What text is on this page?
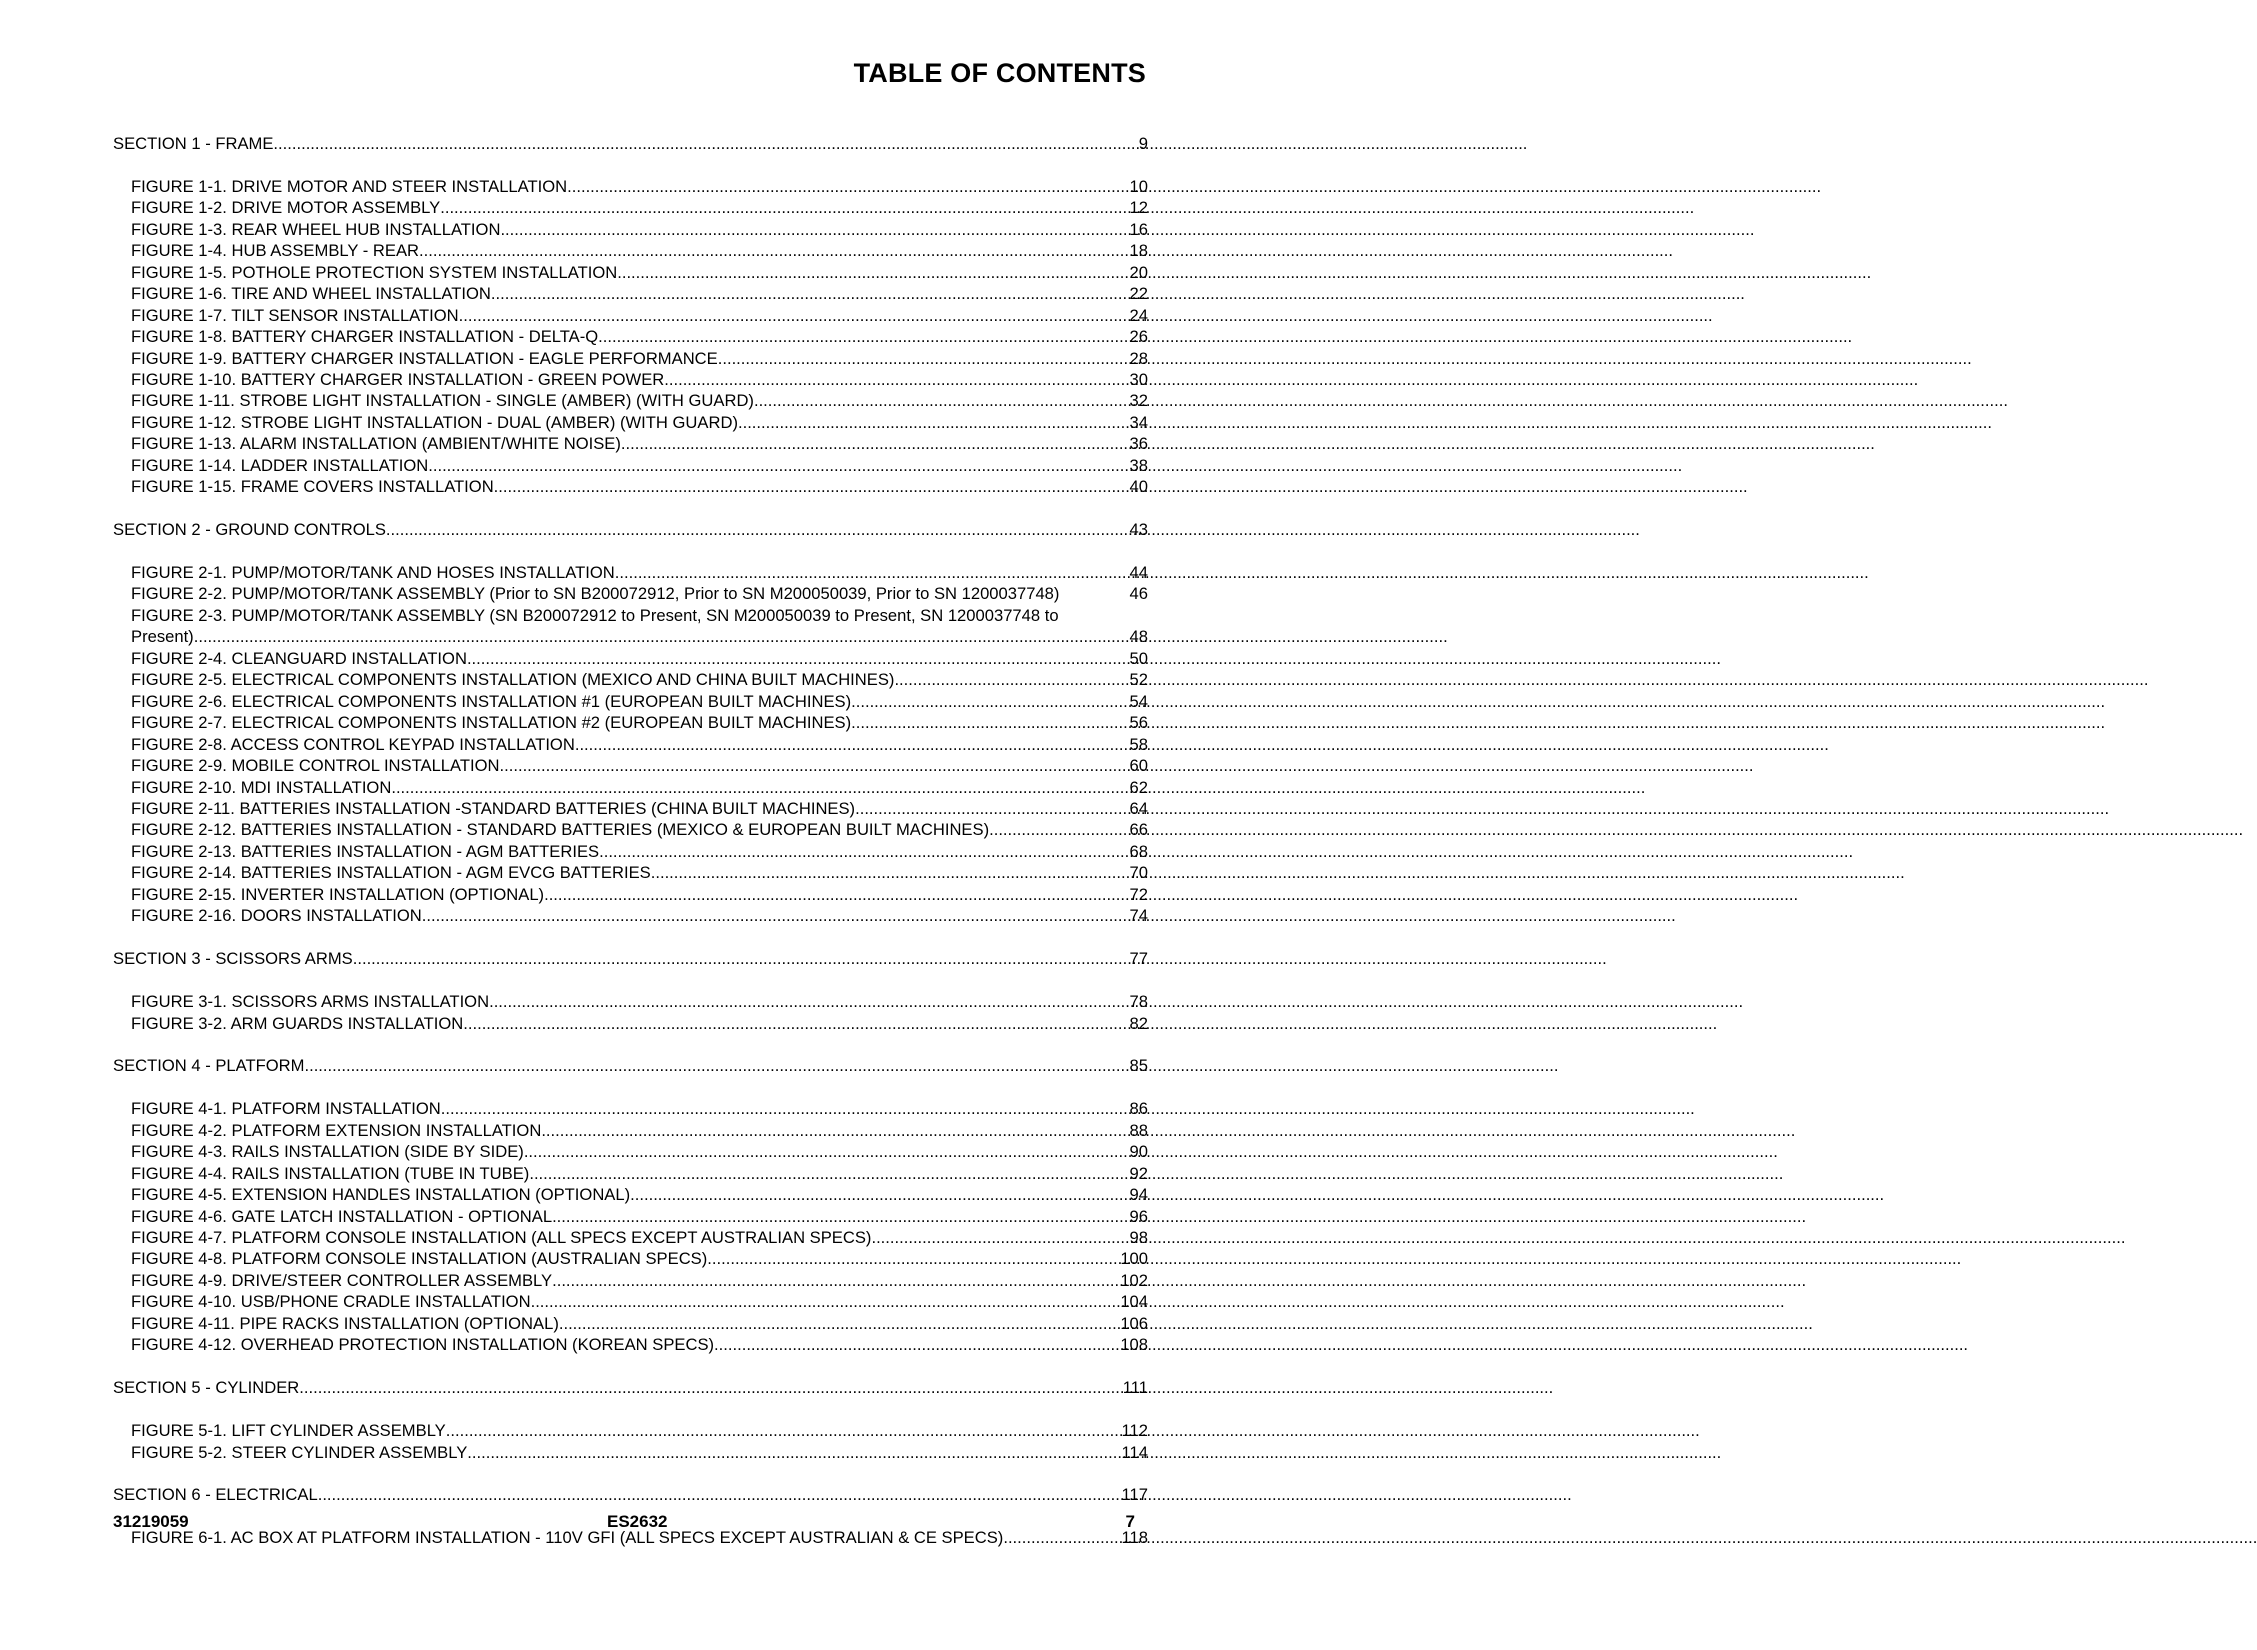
TABLE OF CONTENTS
SECTION 1 - FRAME .....	9
FIGURE 1-1. DRIVE MOTOR AND STEER INSTALLATION .....	10
FIGURE 1-2. DRIVE MOTOR ASSEMBLY .....	12
FIGURE 1-3. REAR WHEEL HUB INSTALLATION .....	16
FIGURE 1-4. HUB ASSEMBLY - REAR .....	18
FIGURE 1-5. POTHOLE PROTECTION SYSTEM INSTALLATION .....	20
FIGURE 1-6. TIRE AND WHEEL INSTALLATION .....	22
FIGURE 1-7. TILT SENSOR INSTALLATION .....	24
FIGURE 1-8. BATTERY CHARGER INSTALLATION - DELTA-Q .....	26
FIGURE 1-9. BATTERY CHARGER INSTALLATION - EAGLE PERFORMANCE .....	28
FIGURE 1-10. BATTERY CHARGER INSTALLATION - GREEN POWER .....	30
FIGURE 1-11. STROBE LIGHT INSTALLATION - SINGLE (AMBER) (WITH GUARD) .....	32
FIGURE 1-12. STROBE LIGHT INSTALLATION - DUAL (AMBER) (WITH GUARD) .....	34
FIGURE 1-13. ALARM INSTALLATION (AMBIENT/WHITE NOISE) .....	36
FIGURE 1-14. LADDER INSTALLATION .....	38
FIGURE 1-15. FRAME COVERS INSTALLATION .....	40
SECTION 2 - GROUND CONTROLS .....	43
FIGURE 2-1. PUMP/MOTOR/TANK AND HOSES INSTALLATION .....	44
FIGURE 2-2. PUMP/MOTOR/TANK ASSEMBLY (Prior to SN B200072912, Prior to SN M200050039, Prior to SN 1200037748)	46
FIGURE 2-3. PUMP/MOTOR/TANK ASSEMBLY (SN B200072912 to Present, SN M200050039 to Present, SN 1200037748 to
Present) .....	48
FIGURE 2-4. CLEANGUARD INSTALLATION .....	50
FIGURE 2-5. ELECTRICAL COMPONENTS INSTALLATION (MEXICO AND CHINA BUILT MACHINES) .....	52
FIGURE 2-6. ELECTRICAL COMPONENTS INSTALLATION #1 (EUROPEAN BUILT MACHINES) .....	54
FIGURE 2-7. ELECTRICAL COMPONENTS INSTALLATION #2 (EUROPEAN BUILT MACHINES) .....	56
FIGURE 2-8. ACCESS CONTROL KEYPAD INSTALLATION .....	58
FIGURE 2-9. MOBILE CONTROL INSTALLATION .....	60
FIGURE 2-10. MDI INSTALLATION .....	62
FIGURE 2-11. BATTERIES INSTALLATION -STANDARD BATTERIES (CHINA BUILT MACHINES) .....	64
FIGURE 2-12. BATTERIES INSTALLATION - STANDARD BATTERIES (MEXICO & EUROPEAN BUILT MACHINES) .....	66
FIGURE 2-13. BATTERIES INSTALLATION - AGM BATTERIES .....	68
FIGURE 2-14. BATTERIES INSTALLATION - AGM EVCG BATTERIES .....	70
FIGURE 2-15. INVERTER INSTALLATION (OPTIONAL) .....	72
FIGURE 2-16. DOORS INSTALLATION .....	74
SECTION 3 - SCISSORS ARMS .....	77
FIGURE 3-1. SCISSORS ARMS INSTALLATION .....	78
FIGURE 3-2. ARM GUARDS INSTALLATION .....	82
SECTION 4 - PLATFORM .....	85
FIGURE 4-1. PLATFORM INSTALLATION .....	86
FIGURE 4-2. PLATFORM EXTENSION INSTALLATION .....	88
FIGURE 4-3. RAILS INSTALLATION (SIDE BY SIDE) .....	90
FIGURE 4-4. RAILS INSTALLATION (TUBE IN TUBE) .....	92
FIGURE 4-5. EXTENSION HANDLES INSTALLATION (OPTIONAL) .....	94
FIGURE 4-6. GATE LATCH INSTALLATION - OPTIONAL .....	96
FIGURE 4-7. PLATFORM CONSOLE INSTALLATION (ALL SPECS EXCEPT AUSTRALIAN SPECS) .....	98
FIGURE 4-8. PLATFORM CONSOLE INSTALLATION (AUSTRALIAN SPECS) .....	100
FIGURE 4-9. DRIVE/STEER CONTROLLER ASSEMBLY .....	102
FIGURE 4-10. USB/PHONE CRADLE INSTALLATION .....	104
FIGURE 4-11. PIPE RACKS INSTALLATION (OPTIONAL) .....	106
FIGURE 4-12. OVERHEAD PROTECTION INSTALLATION (KOREAN SPECS) .....	108
SECTION 5 - CYLINDER .....	111
FIGURE 5-1. LIFT CYLINDER ASSEMBLY .....	112
FIGURE 5-2. STEER CYLINDER ASSEMBLY .....	114
SECTION 6 - ELECTRICAL .....	117
FIGURE 6-1. AC BOX AT PLATFORM INSTALLATION - 110V GFI (ALL SPECS EXCEPT AUSTRALIAN & CE SPECS) .....	118
31219059	ES2632	7
